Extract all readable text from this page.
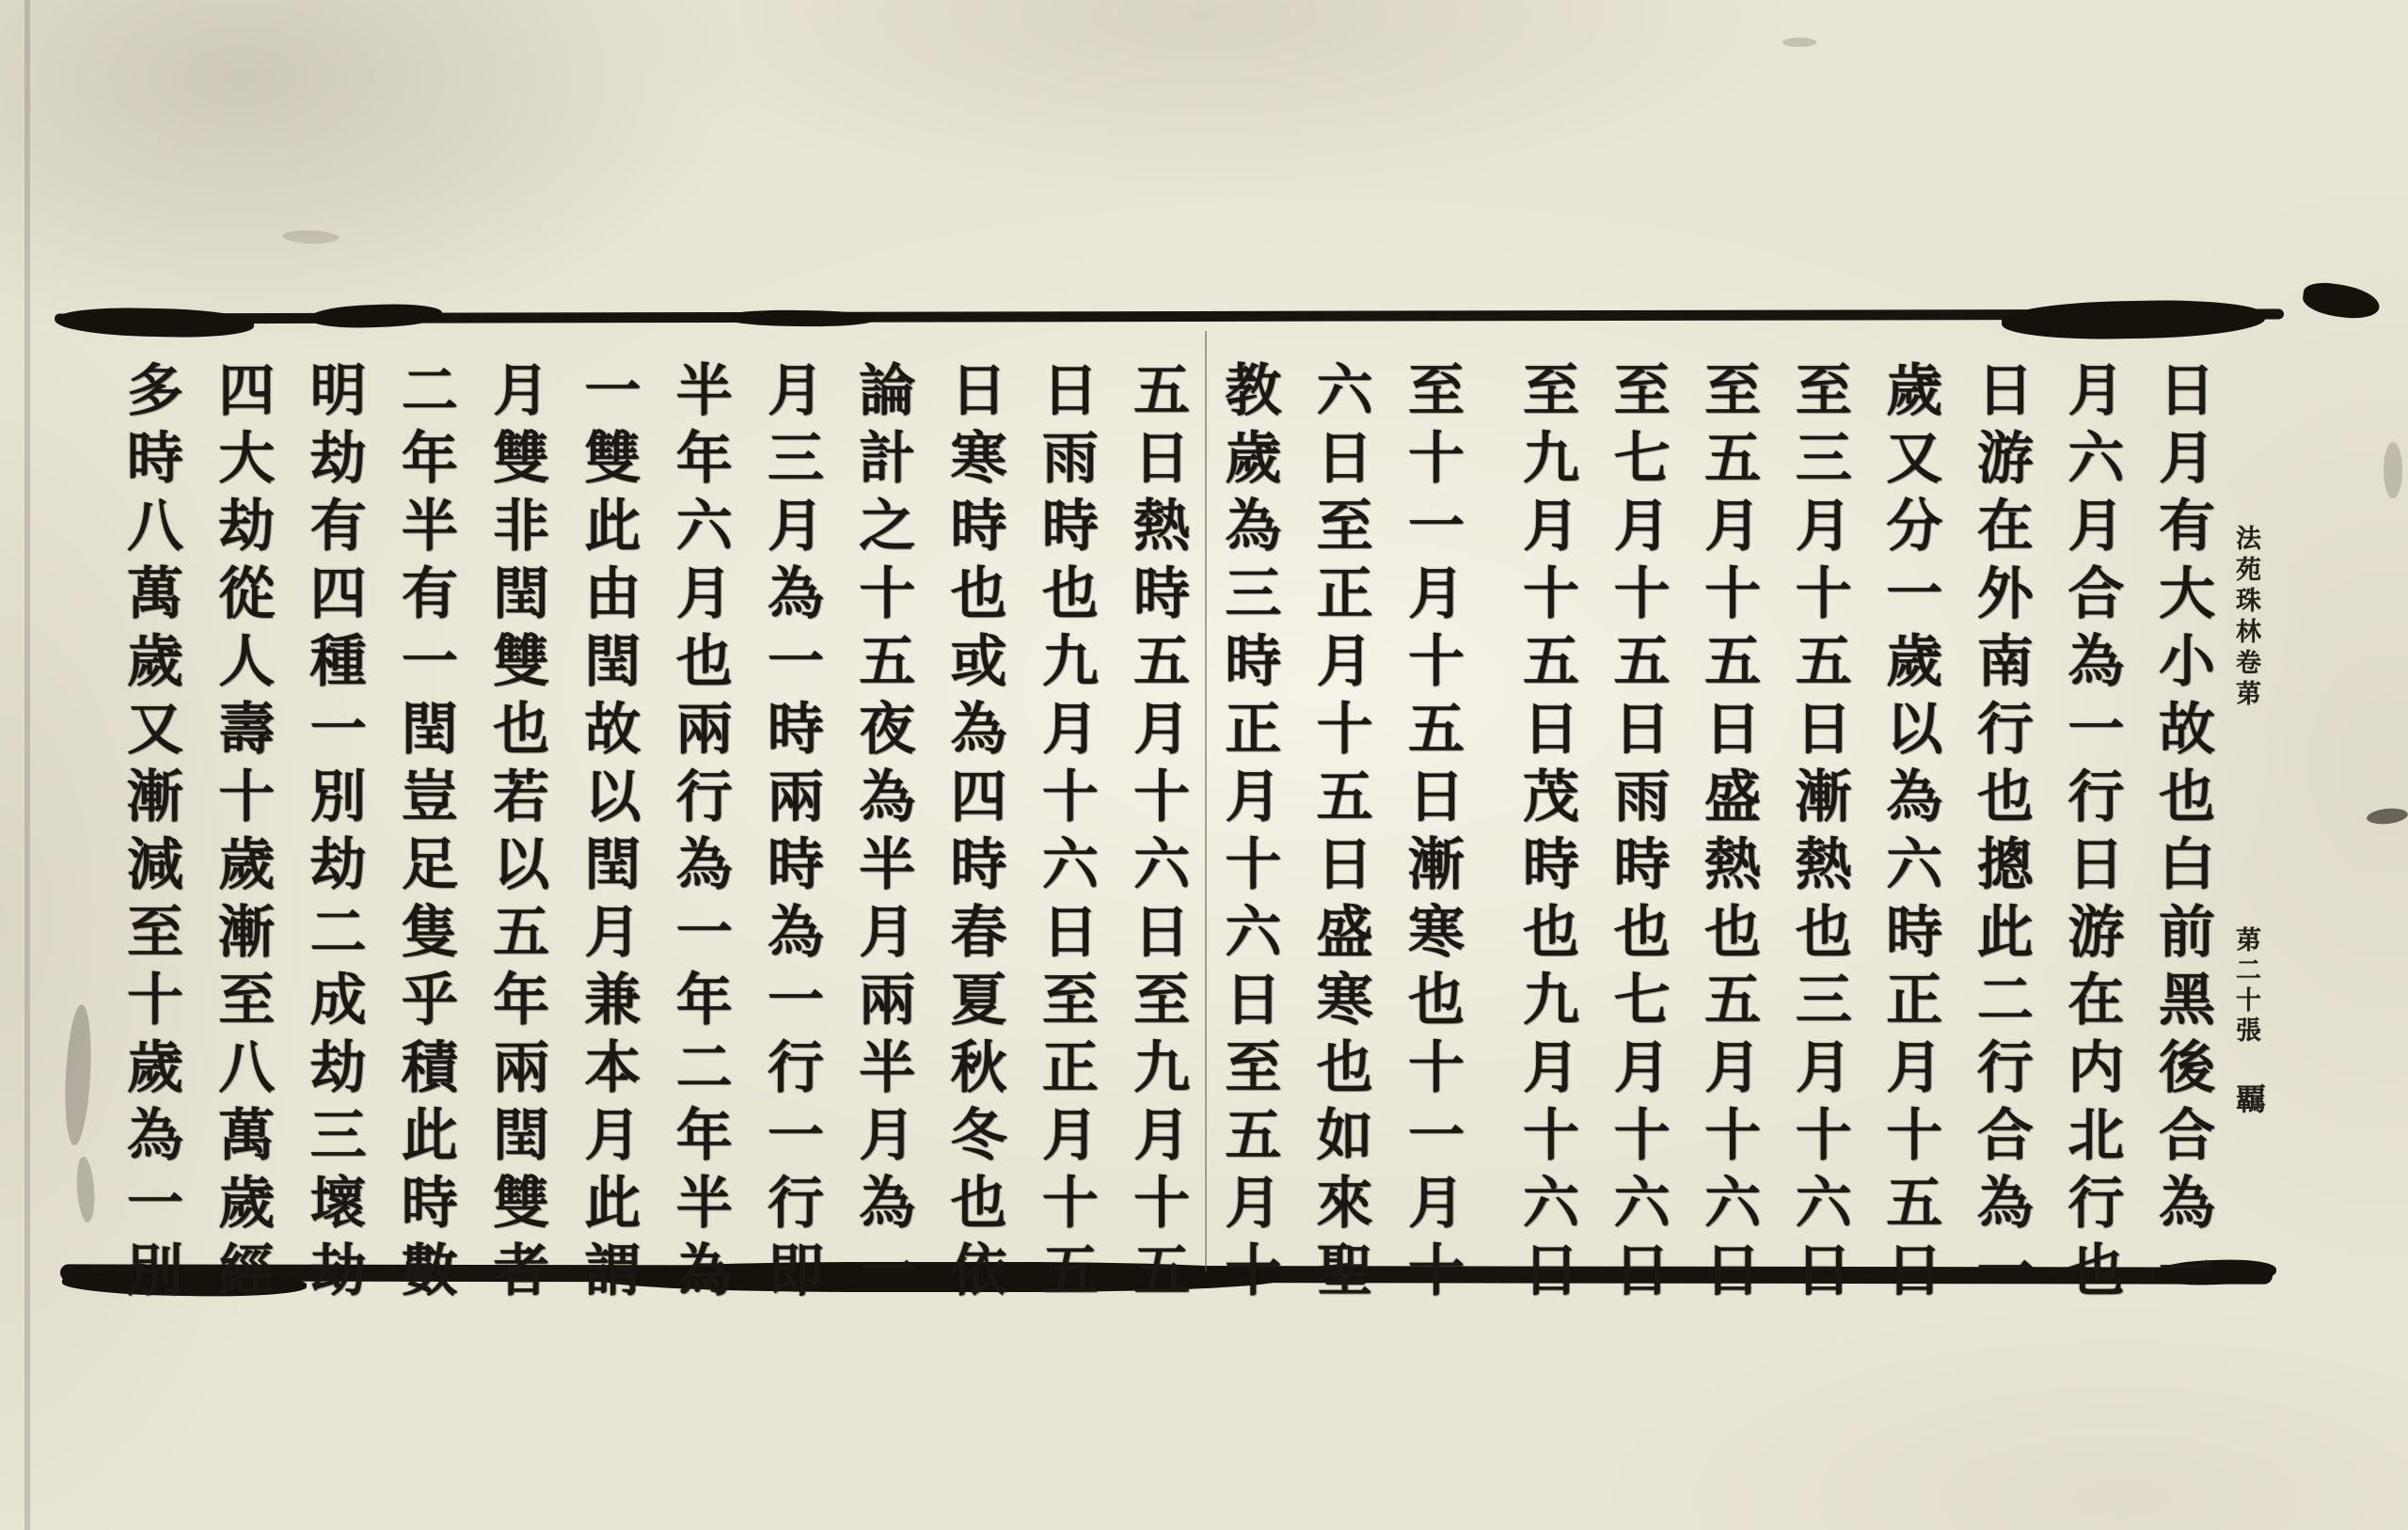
法苑珠林卷苐
苐二十張
覊
日月有大小故也白前黑後合為一
月六月合為一行日游在内北行也
日游在外南行也摠此二行合為一
歲又分一歲以為六時正月十五日
至三月十五日漸熱也三月十六日
至五月十五日盛熱也五月十六日
至七月十五日雨時也七月十六日
至九月十五日茂時也九月十六日
至十一月十五日漸寒也十一月十
六日至正月十五日盛寒也如來聖
教歲為三時正月十六日至五月十
五日熱時五月十六日至九月十五
日雨時也九月十六日至正月十五
日寒時也或為四時春夏秋冬也依
論計之十五夜為半月兩半月為一
月三月為一時兩時為一行一行即
半年六月也兩行為一年二年半為
一雙此由閏故以閏月兼本月此謂
月雙非閏雙也若以五年兩閏雙者
二年半有一閏豈足隻乎積此時數
明劫有四種一別劫二成劫三壞劫
四大劫從人壽十歲漸至八萬歲經
多時八萬歲又漸減至十歲為一別
